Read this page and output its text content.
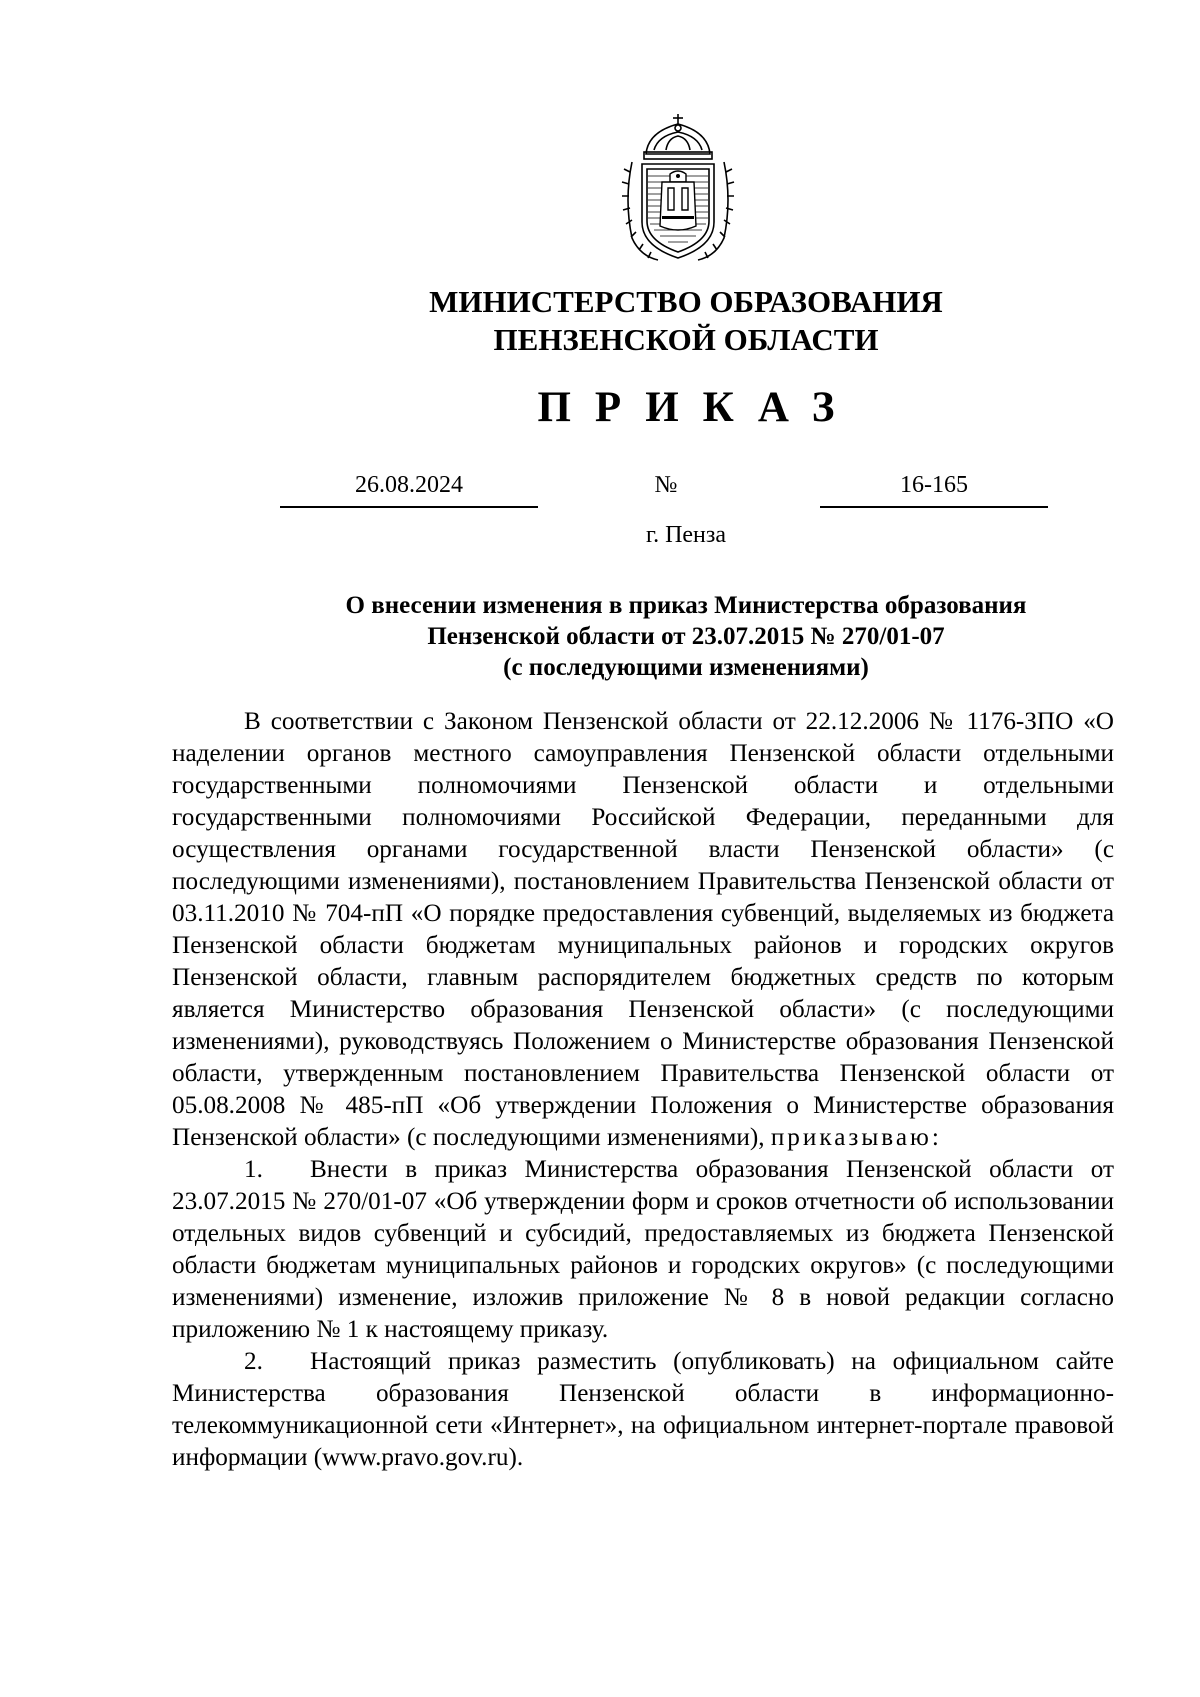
МИНИСТЕРСТВО ОБРАЗОВАНИЯ
ПЕНЗЕНСКОЙ ОБЛАСТИ
ПРИКАЗ
26.08.2024	№	16-165
г. Пенза
О внесении изменения в приказ Министерства образования
Пензенской области от 23.07.2015 № 270/01-07
(с последующими изменениями)

В соответствии с Законом Пензенской области от 22.12.2006 № 1176-ЗПО «О наделении органов местного самоуправления Пензенской области отдельными государственными полномочиями Пензенской области и отдельными государственными полномочиями Российской Федерации, переданными для осуществления органами государственной власти Пензенской области» (с последующими изменениями), постановлением Правительства Пензенской области от 03.11.2010 № 704-пП «О порядке предоставления субвенций, выделяемых из бюджета Пензенской области бюджетам муниципальных районов и городских округов Пензенской области, главным распорядителем бюджетных средств по которым является Министерство образования Пензенской области» (с последующими изменениями), руководствуясь Положением о Министерстве образования Пензенской области, утвержденным постановлением Правительства Пензенской области от 05.08.2008 № 485-пП «Об утверждении Положения о Министерстве образования Пензенской области» (с последующими изменениями), приказываю:

1. Внести в приказ Министерства образования Пензенской области от 23.07.2015 № 270/01-07 «Об утверждении форм и сроков отчетности об использовании отдельных видов субвенций и субсидий, предоставляемых из бюджета Пензенской области бюджетам муниципальных районов и городских округов» (с последующими изменениями) изменение, изложив приложение № 8 в новой редакции согласно приложению № 1 к настоящему приказу.

2. Настоящий приказ разместить (опубликовать) на официальном сайте Министерства образования Пензенской области в информационно-телекоммуникационной сети «Интернет», на официальном интернет-портале правовой информации (www.pravo.gov.ru).
